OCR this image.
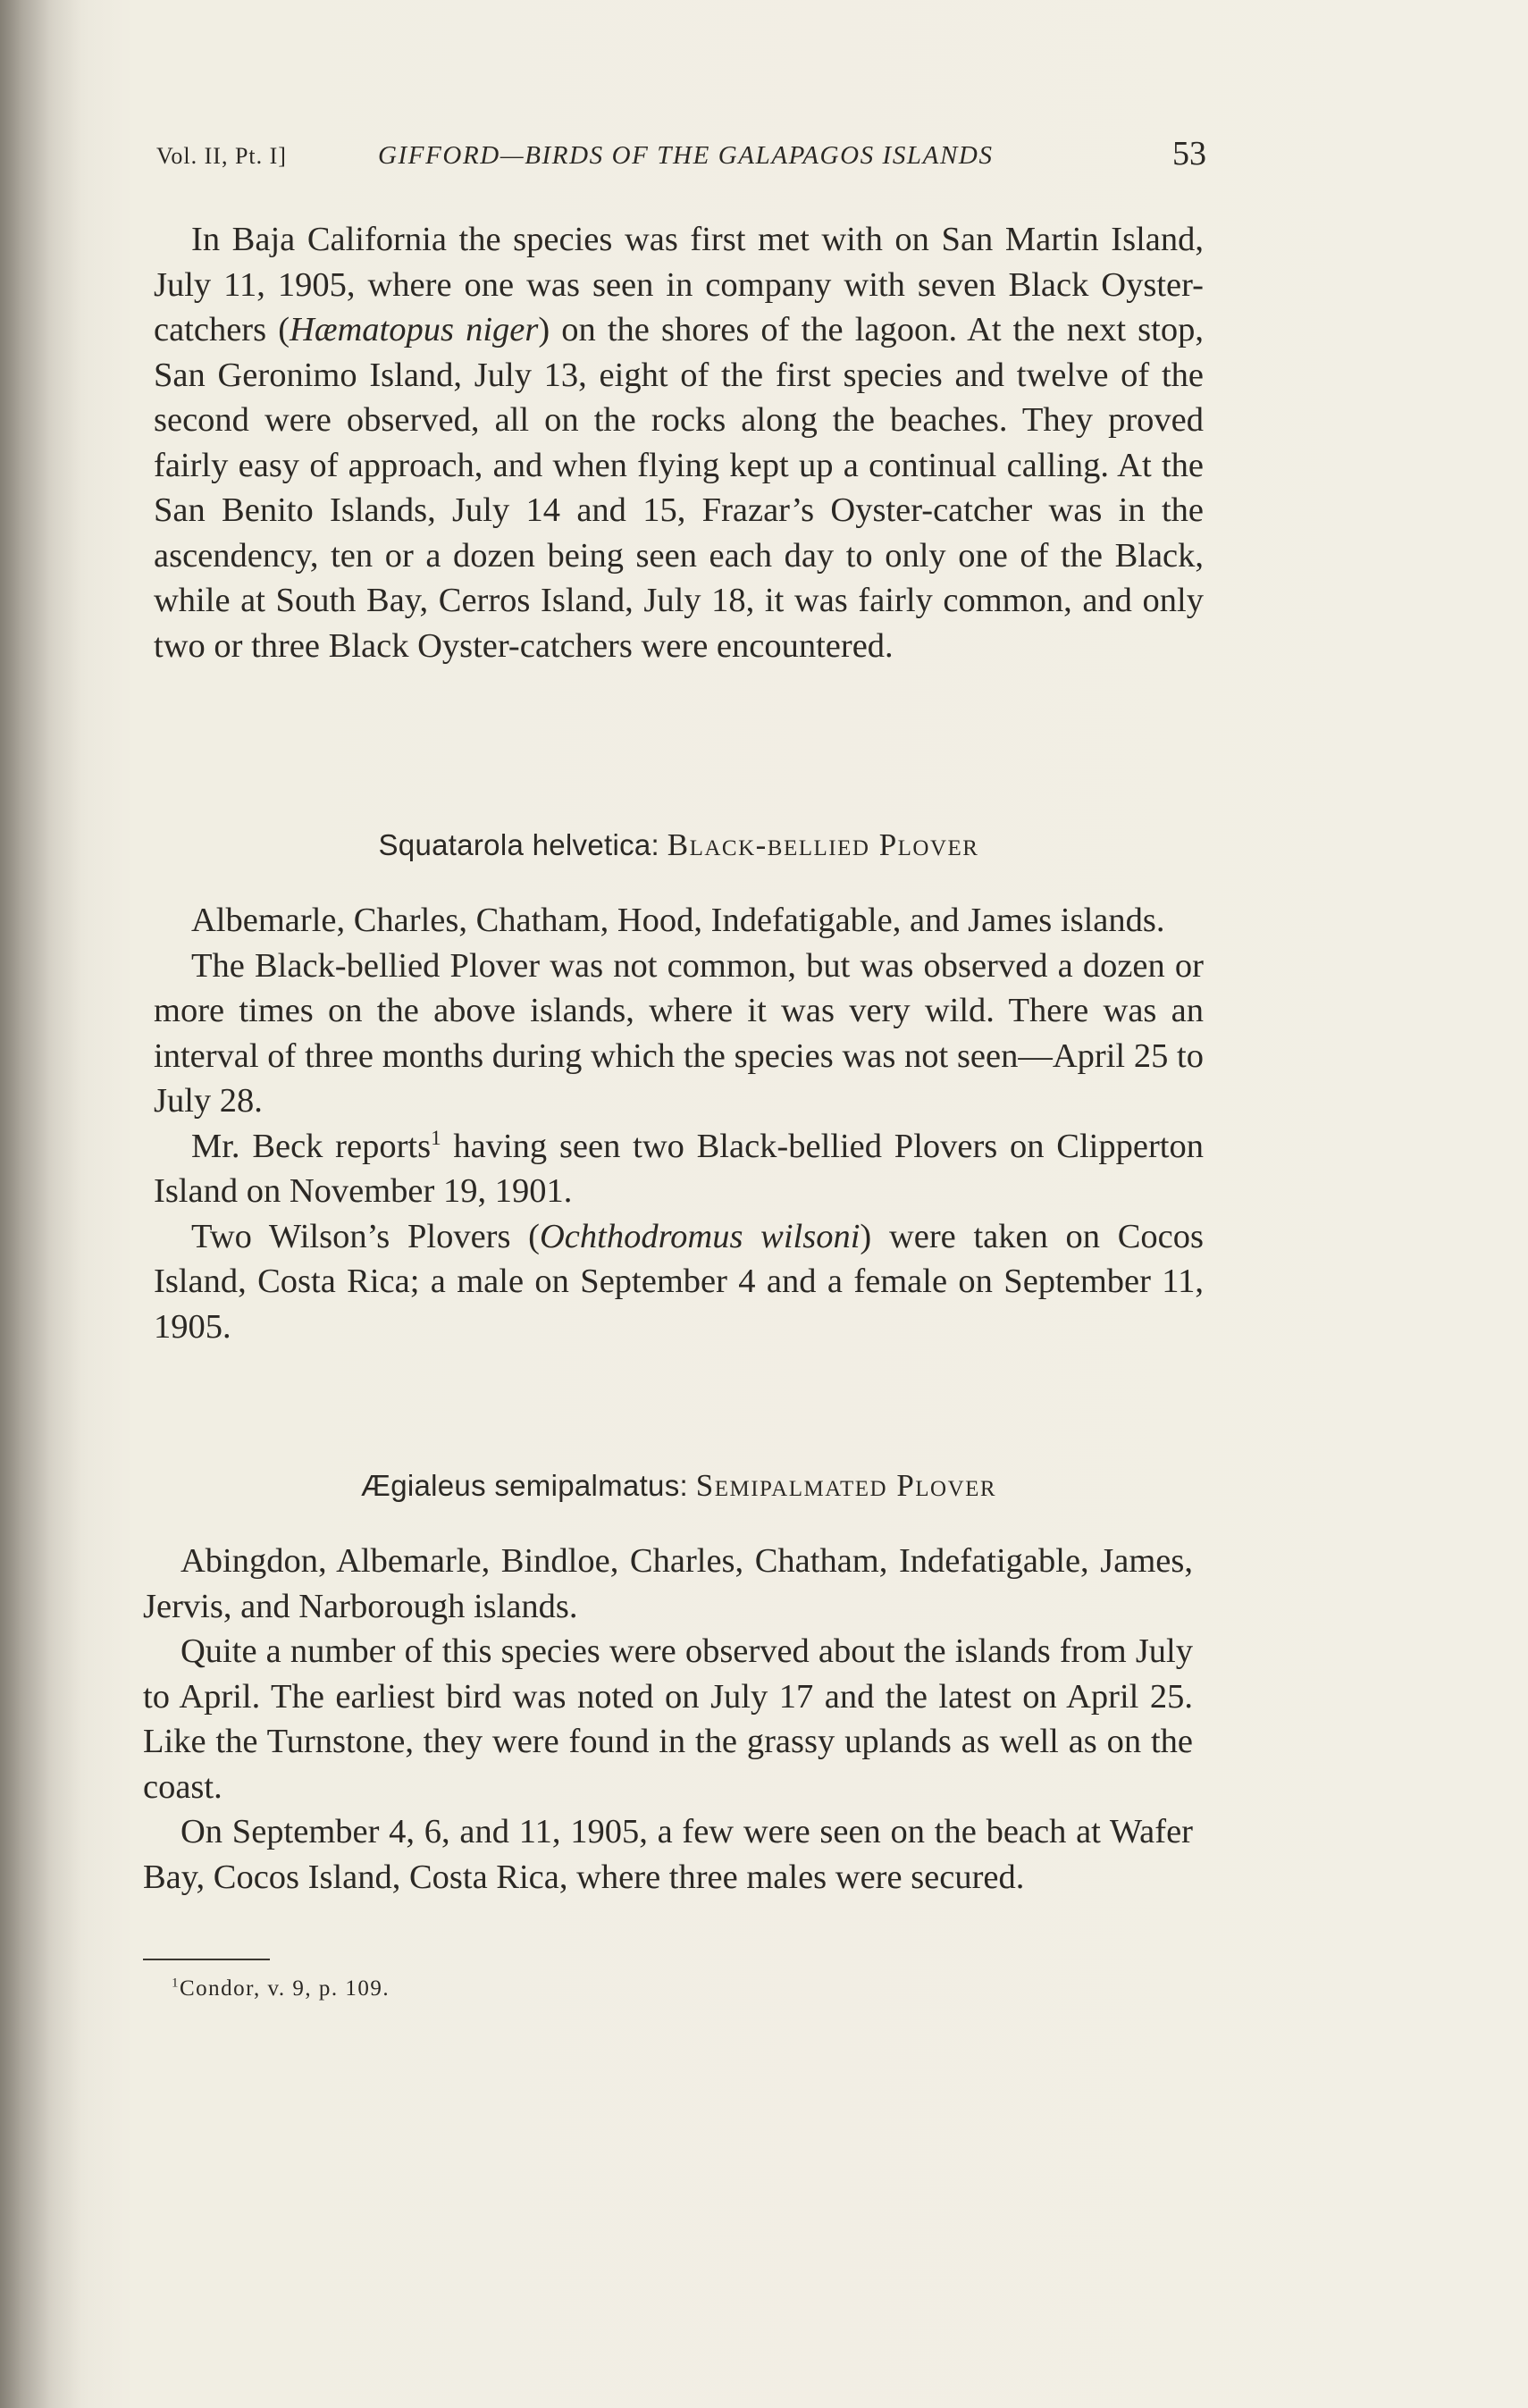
Vol. II, Pt. I]	GIFFORD—BIRDS OF THE GALAPAGOS ISLANDS	53

In Baja California the species was first met with on San Martin Island, July 11, 1905, where one was seen in company with seven Black Oyster-catchers (Hæmatopus niger) on the shores of the lagoon. At the next stop, San Geronimo Island, July 13, eight of the first species and twelve of the second were observed, all on the rocks along the beaches. They proved fairly easy of approach, and when flying kept up a continual calling. At the San Benito Islands, July 14 and 15, Frazar’s Oyster-catcher was in the ascendency, ten or a dozen being seen each day to only one of the Black, while at South Bay, Cerros Island, July 18, it was fairly common, and only two or three Black Oyster-catchers were encountered.

Squatarola helvetica: Black-bellied Plover

Albemarle, Charles, Chatham, Hood, Indefatigable, and James islands.

The Black-bellied Plover was not common, but was observed a dozen or more times on the above islands, where it was very wild. There was an interval of three months during which the species was not seen—April 25 to July 28.

Mr. Beck reports$^1$ having seen two Black-bellied Plovers on Clipperton Island on November 19, 1901.

Two Wilson’s Plovers (Ochthodromus wilsoni) were taken on Cocos Island, Costa Rica; a male on September 4 and a female on September 11, 1905.

Ægialeus semipalmatus: Semipalmated Plover

Abingdon, Albemarle, Bindloe, Charles, Chatham, Indefatigable, James, Jervis, and Narborough islands.

Quite a number of this species were observed about the islands from July to April. The earliest bird was noted on July 17 and the latest on April 25. Like the Turnstone, they were found in the grassy uplands as well as on the coast.

On September 4, 6, and 11, 1905, a few were seen on the beach at Wafer Bay, Cocos Island, Costa Rica, where three males were secured.

$^1$Condor, v. 9, p. 109.
